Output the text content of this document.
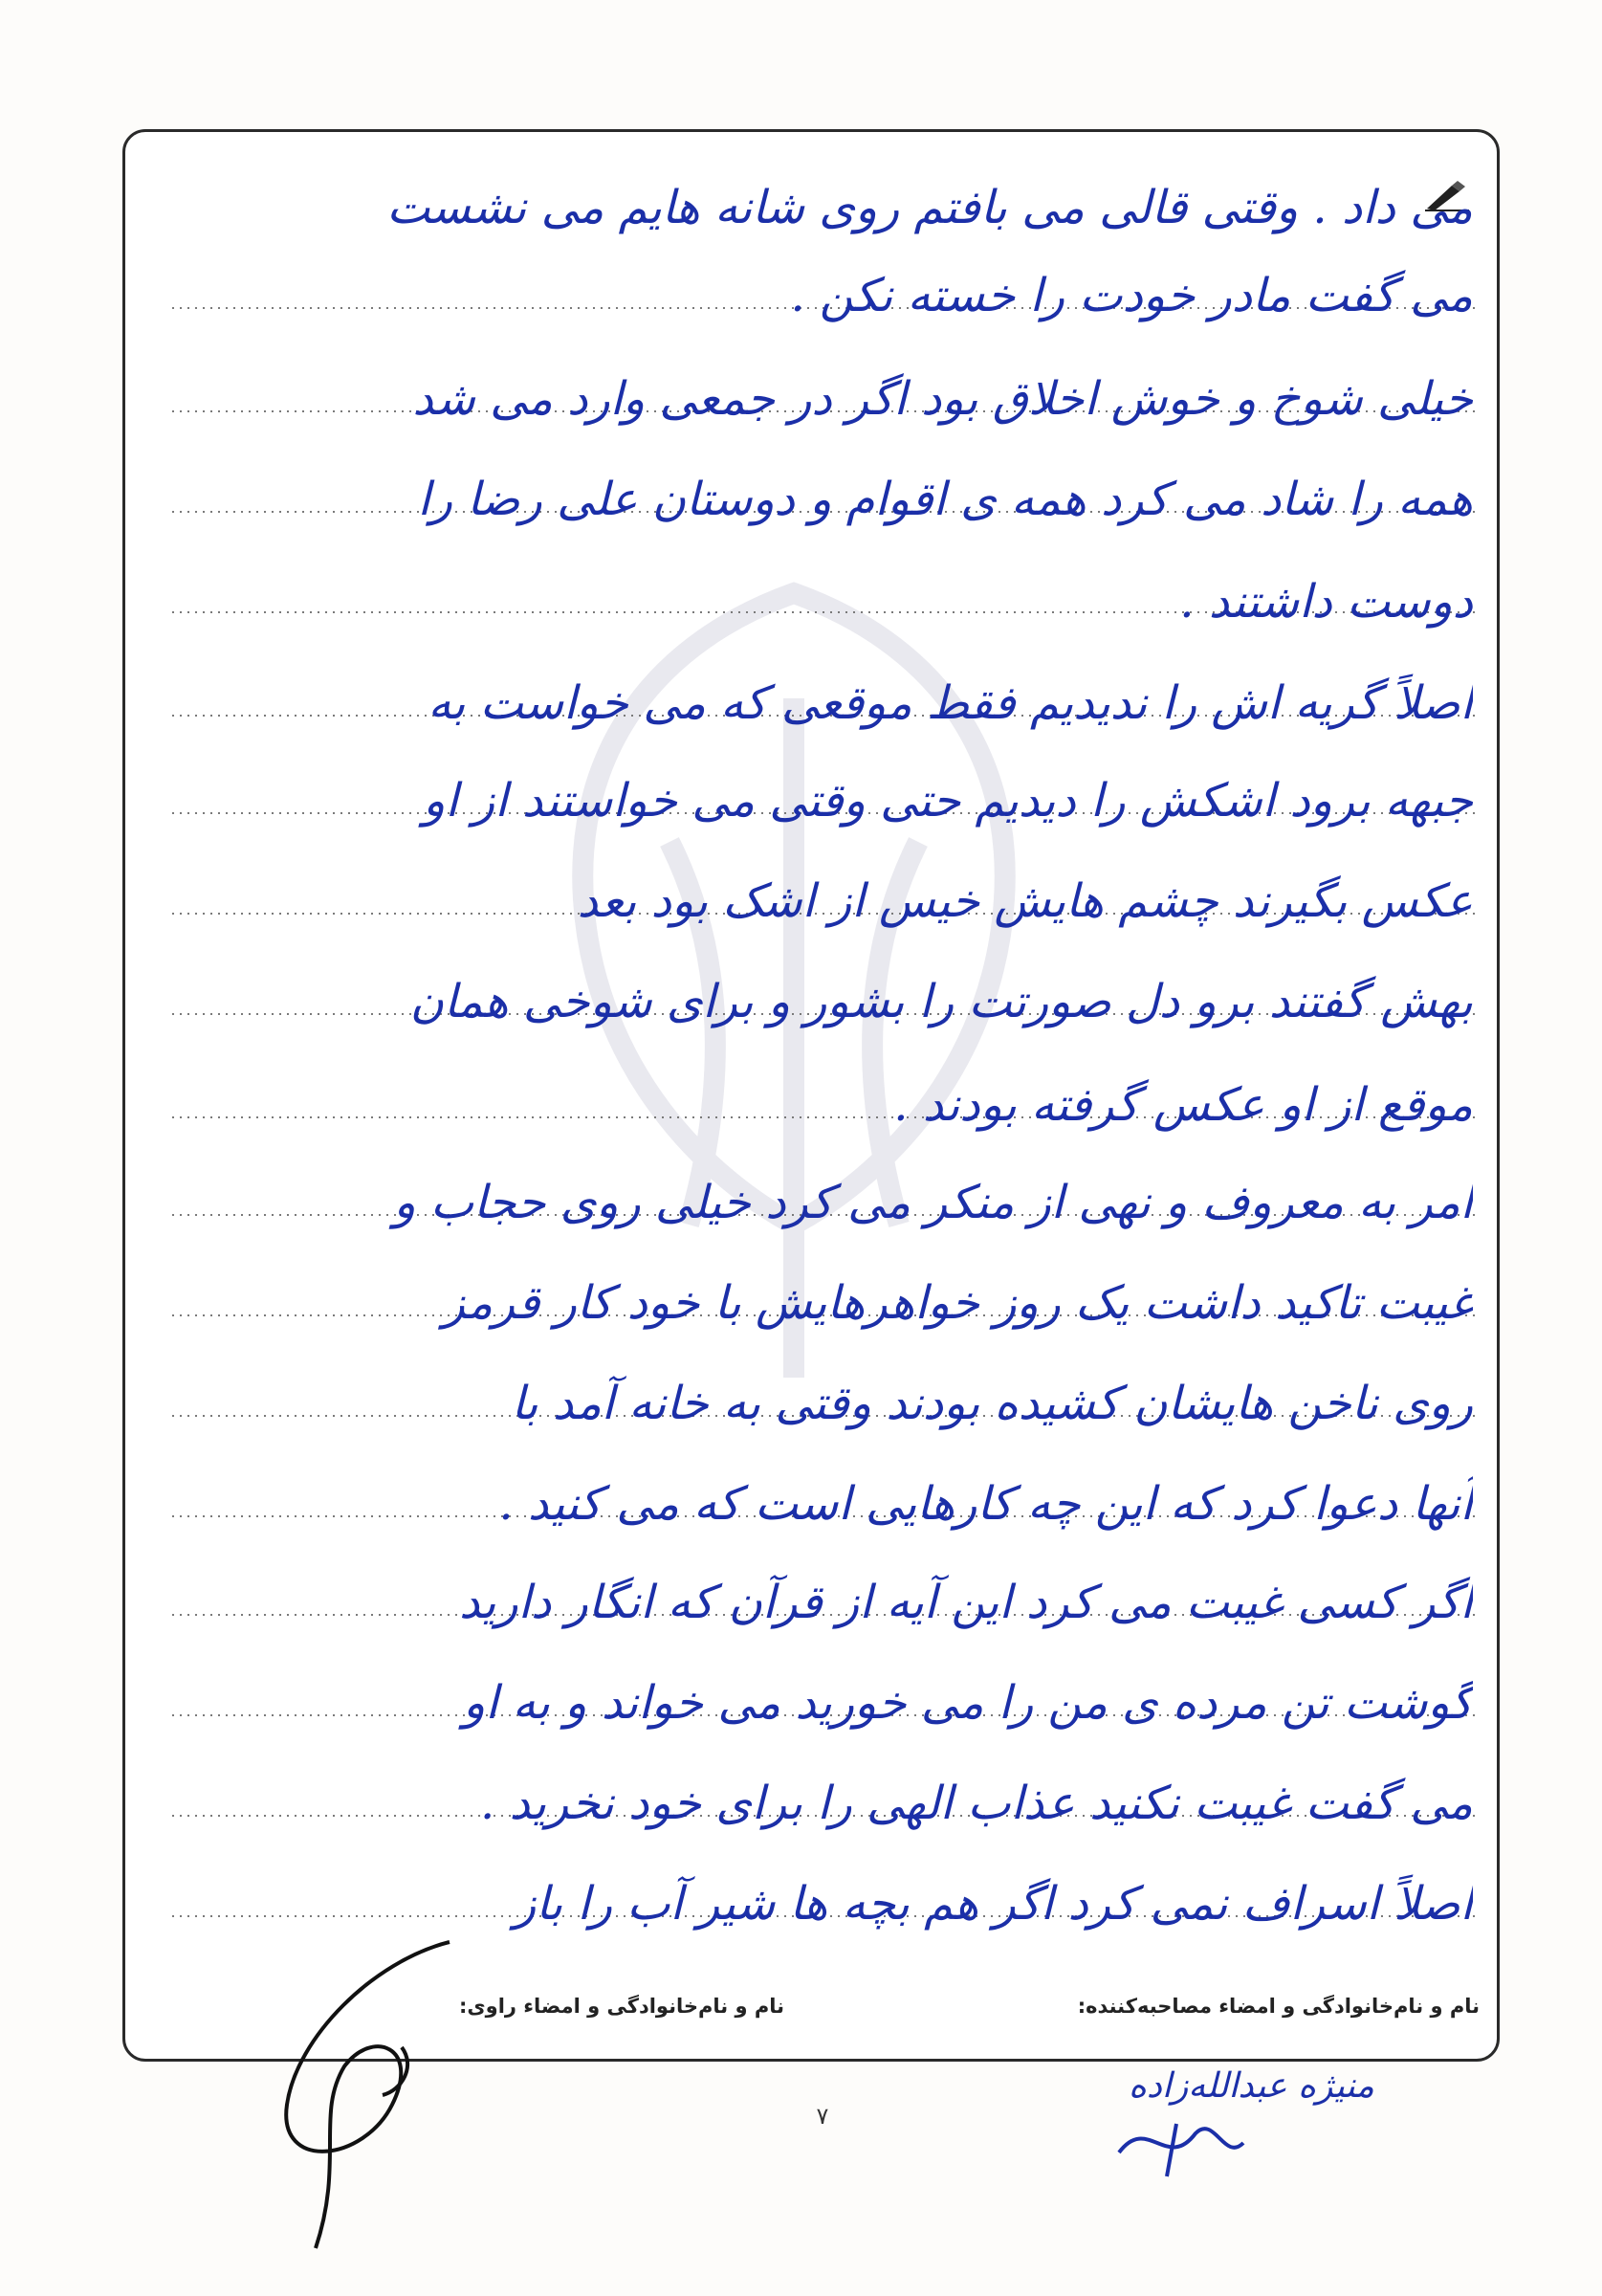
می داد . وقتی قالی می بافتم روی شانه هایم می نشست
می گفت مادر خودت را خسته نکن .
خیلی شوخ و خوش اخلاق بود اگر در جمعی وارد می شد
همه را شاد می کرد همه ی اقوام و دوستان علی رضا را
دوست داشتند .
اصلاً گریه اش را ندیدیم فقط موقعی که می خواست به
جبهه برود اشکش را دیدیم حتی وقتی می خواستند از او
عکس بگیرند چشم هایش خیس از اشک بود بعد
بهش گفتند برو دل صورتت را بشور و برای شوخی همان
موقع از او عکس گرفته بودند .
امر به معروف و نهی از منکر می کرد خیلی روی حجاب و
غیبت تاکید داشت یک روز خواهرهایش با خود کار قرمز
روی ناخن هایشان کشیده بودند وقتی به خانه آمد با
آنها دعوا کرد که این چه کارهایی است که می کنید .
اگر کسی غیبت می کرد این آیه از قرآن که انگار دارید
گوشت تن مرده ی من را می خورید می خواند و به او
می گفت غیبت نکنید عذاب الهی را برای خود نخرید .
اصلاً اسراف نمی کرد اگر هم بچه ها شیر آب را باز
نام و نام‌خانوادگی و امضاء مصاحبه‌کننده:
نام و نام‌خانوادگی و امضاء راوی:
منیژه عبدالله‌زاده
۷
